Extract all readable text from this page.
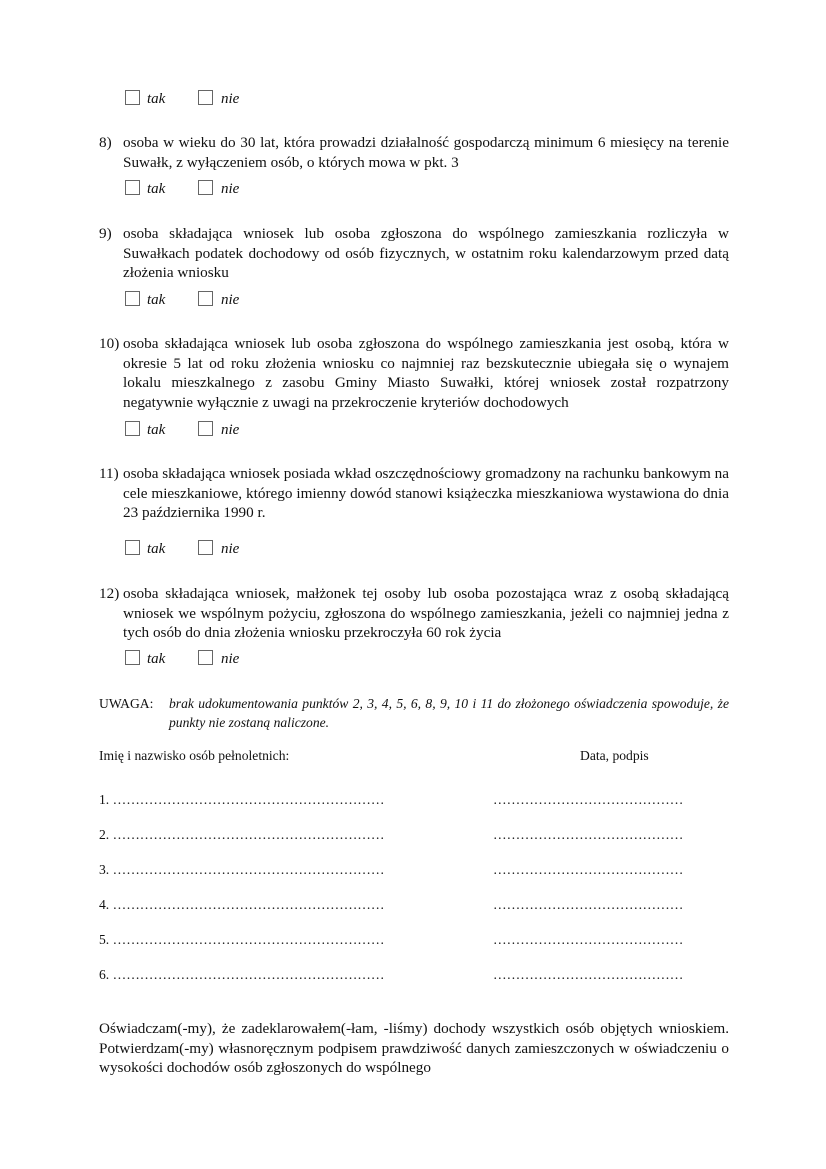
tak	nie
8) osoba w wieku do 30 lat, która prowadzi działalność gospodarczą minimum 6 miesięcy na terenie Suwałk, z wyłączeniem osób, o których mowa w pkt. 3
tak	nie
9) osoba składająca wniosek lub osoba zgłoszona do wspólnego zamieszkania rozliczyła w Suwałkach podatek dochodowy od osób fizycznych, w ostatnim roku kalendarzowym przed datą złożenia wniosku
tak	nie
10) osoba składająca wniosek lub osoba zgłoszona do wspólnego zamieszkania jest osobą, która w okresie 5 lat od roku złożenia wniosku co najmniej raz bezskutecznie ubiegała się o wynajem lokalu mieszkalnego z zasobu Gminy Miasto Suwałki, której wniosek został rozpatrzony negatywnie wyłącznie z uwagi na przekroczenie kryteriów dochodowych
tak	nie
11) osoba składająca wniosek posiada wkład oszczędnościowy gromadzony na rachunku bankowym na cele mieszkaniowe, którego imienny dowód stanowi książeczka mieszkaniowa wystawiona do dnia 23 października 1990 r.
tak	nie
12) osoba składająca wniosek, małżonek tej osoby lub osoba pozostająca wraz z osobą składającą wniosek we wspólnym pożyciu, zgłoszona do wspólnego zamieszkania, jeżeli co najmniej jedna z tych osób do dnia złożenia wniosku przekroczyła 60 rok życia
tak	nie
UWAGA: brak udokumentowania punktów 2, 3, 4, 5, 6, 8, 9, 10 i 11 do złożonego oświadczenia spowoduje, że punkty nie zostaną naliczone.
Imię i nazwisko osób pełnoletnich:	Data, podpis
1. ……………………………………………………	……………………………………
2. ……………………………………………………	……………………………………
3. ……………………………………………………	……………………………………
4. ……………………………………………………	……………………………………
5. ……………………………………………………	……………………………………
6. ……………………………………………………	……………………………………
Oświadczam(-my), że zadeklarowałem(-łam, -liśmy) dochody wszystkich osób objętych wnioskiem. Potwierdzam(-my) własnoręcznym podpisem prawdziwość danych zamieszczonych w oświadczeniu o wysokości dochodów osób zgłoszonych do wspólnego
